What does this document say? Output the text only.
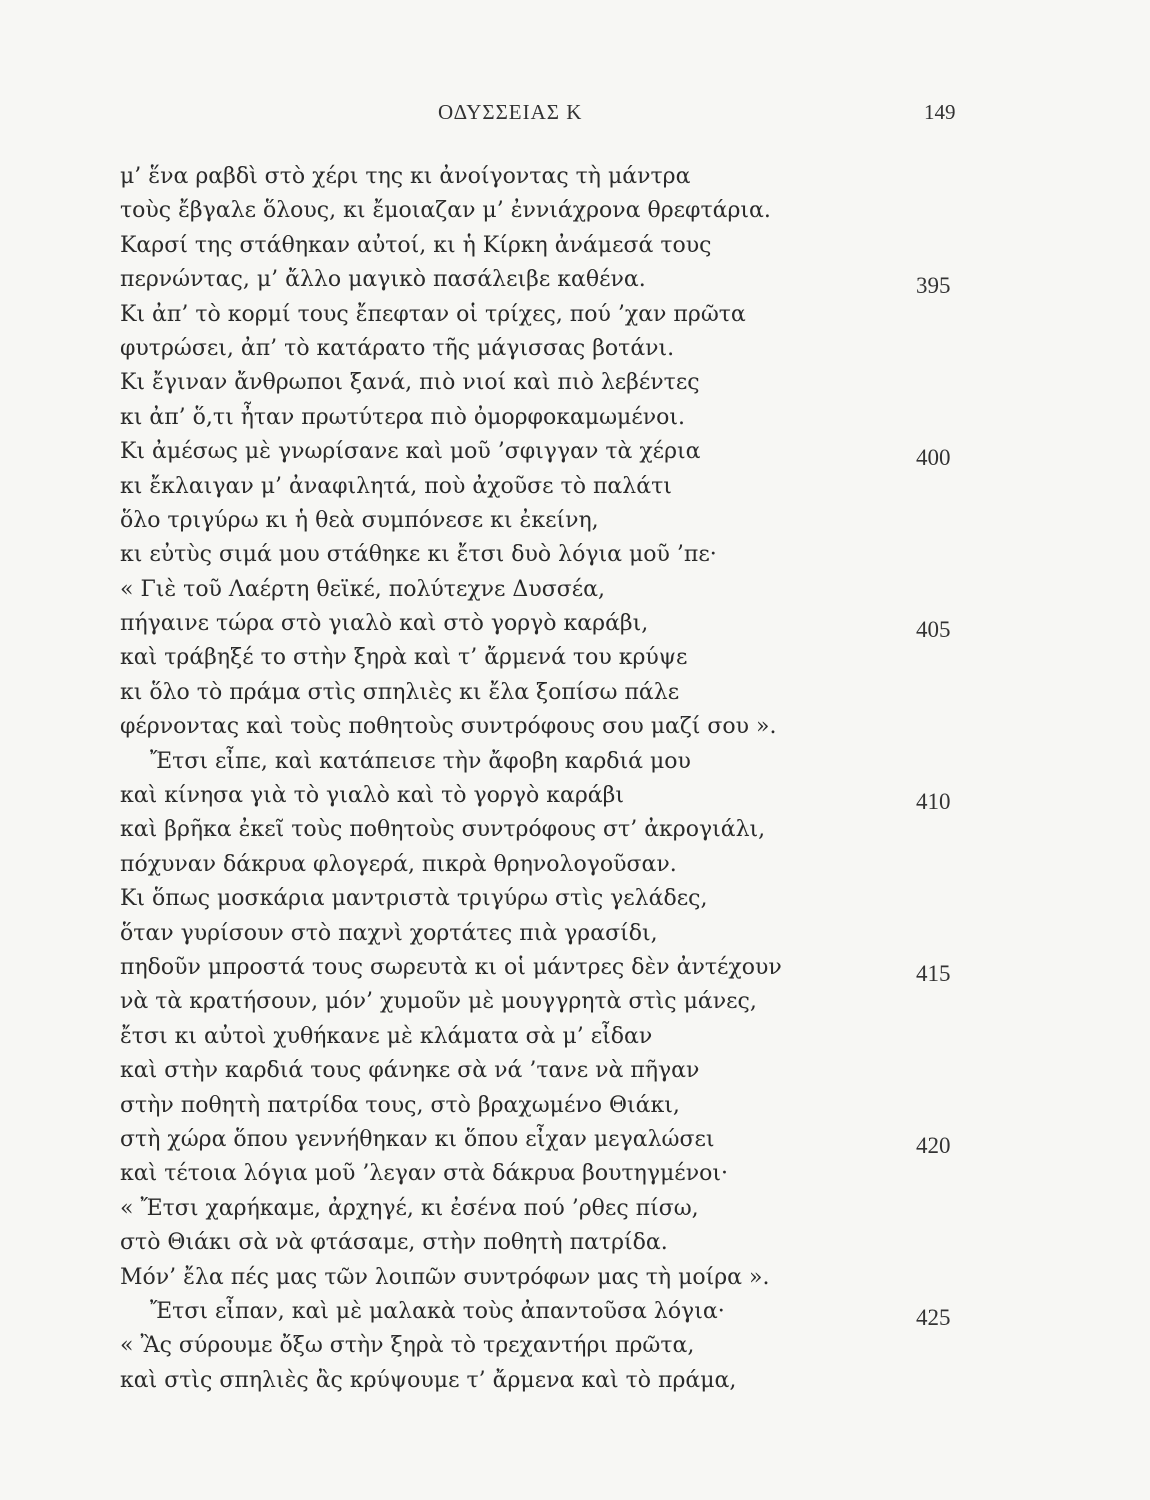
ΟΔΥΣΣΕΙΑΣ Κ	149
μ’ ἕνα ραβδὶ στὸ χέρι της κι ἀνοίγοντας τὴ μάντρα
τοὺς ἔβγαλε ὅλους, κι ἔμοιαζαν μ’ ἐννιάχρονα θρεφτάρια.
Καρσί της στάθηκαν αὐτοί, κι ἡ Κίρκη ἀνάμεσά τους
περνώντας, μ’ ἄλλο μαγικὸ πασάλειβε καθένα.	395
Κι ἀπ’ τὸ κορμί τους ἔπεφταν οἱ τρίχες, πού ’χαν πρῶτα
φυτρώσει, ἀπ’ τὸ κατάρατο τῆς μάγισσας βοτάνι.
Κι ἔγιναν ἄνθρωποι ξανά, πιὸ νιοί καὶ πιὸ λεβέντες
κι ἀπ’ ὅ,τι ἦταν πρωτύτερα πιὸ ὀμορφοκαμωμένοι.
Κι ἀμέσως μὲ γνωρίσανε καὶ μοῦ ’σφιγγαν τὰ χέρια	400
κι ἔκλαιγαν μ’ ἀναφιλητά, ποὺ ἀχοῦσε τὸ παλάτι
ὅλο τριγύρω κι ἡ θεὰ συμπόνεσε κι ἐκείνη,
κι εὐτὺς σιμά μου στάθηκε κι ἔτσι δυὸ λόγια μοῦ ’πε·
« Γιὲ τοῦ Λαέρτη θεϊκέ, πολύτεχνε Δυσσέα,
πήγαινε τώρα στὸ γιαλὸ καὶ στὸ γοργὸ καράβι,	405
καὶ τράβηξέ το στὴν ξηρὰ καὶ τ’ ἄρμενά του κρύψε
κι ὅλο τὸ πράμα στὶς σπηλιὲς κι ἔλα ξοπίσω πάλε
φέρνοντας καὶ τοὺς ποθητοὺς συντρόφους σου μαζί σου ».
Ἔτσι εἶπε, καὶ κατάπεισε τὴν ἄφοβη καρδιά μου
καὶ κίνησα γιὰ τὸ γιαλὸ καὶ τὸ γοργὸ καράβι	410
καὶ βρῆκα ἐκεῖ τοὺς ποθητοὺς συντρόφους στ’ ἀκρογιάλι,
πόχυναν δάκρυα φλογερά, πικρὰ θρηνολογοῦσαν.
Κι ὅπως μοσκάρια μαντριστὰ τριγύρω στὶς γελάδες,
ὅταν γυρίσουν στὸ παχνὶ χορτάτες πιὰ γρασίδι,
πηδοῦν μπροστά τους σωρευτὰ κι οἱ μάντρες δὲν ἀντέχουν	415
νὰ τὰ κρατήσουν, μόν’ χυμοῦν μὲ μουγγρητὰ στὶς μάνες,
ἔτσι κι αὐτοὶ χυθήκανε μὲ κλάματα σὰ μ’ εἶδαν
καὶ στὴν καρδιά τους φάνηκε σὰ νά ’τανε νὰ πῆγαν
στὴν ποθητὴ πατρίδα τους, στὸ βραχωμένο Θιάκι,
στὴ χώρα ὅπου γεννήθηκαν κι ὅπου εἶχαν μεγαλώσει	420
καὶ τέτοια λόγια μοῦ ’λεγαν στὰ δάκρυα βουτηγμένοι·
« Ἔτσι χαρήκαμε, ἀρχηγέ, κι ἐσένα πού ’ρθες πίσω,
στὸ Θιάκι σὰ νὰ φτάσαμε, στὴν ποθητὴ πατρίδα.
Μόν’ ἔλα πές μας τῶν λοιπῶν συντρόφων μας τὴ μοίρα ».
Ἔτσι εἶπαν, καὶ μὲ μαλακὰ τοὺς ἀπαντοῦσα λόγια·	425
« Ἂς σύρουμε ὄξω στὴν ξηρὰ τὸ τρεχαντήρι πρῶτα,
καὶ στὶς σπηλιὲς ἂς κρύψουμε τ’ ἄρμενα καὶ τὸ πράμα,
